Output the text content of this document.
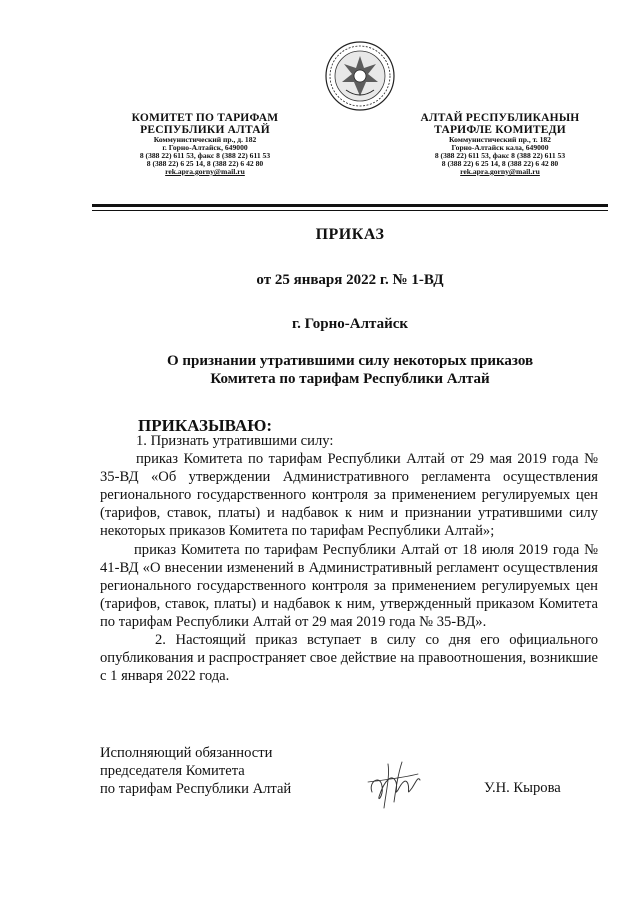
КОМИТЕТ ПО ТАРИФАМ
РЕСПУБЛИКИ АЛТАЙ
Коммунистический пр., д. 182
г. Горно-Алтайск, 649000
8 (388 22) 611 53, факс 8 (388 22) 611 53
8 (388 22) 6 25 14, 8 (388 22) 6 42 80
rek.apra.gorny@mail.ru
АЛТАЙ РЕСПУБЛИКАНЫН
ТАРИФЛЕ КОМИТЕДИ
Коммунистический пр., т. 182
Горно-Алтайск кала, 649000
8 (388 22) 611 53, факс 8 (388 22) 611 53
8 (388 22) 6 25 14, 8 (388 22) 6 42 80
rek.apra.gorny@mail.ru
ПРИКАЗ
от 25 января 2022 г. № 1-ВД
г. Горно-Алтайск
О признании утратившими силу некоторых приказов
Комитета по тарифам Республики Алтай
ПРИКАЗЫВАЮ:

1. Признать утратившими силу:

приказ Комитета по тарифам Республики Алтай от 29 мая 2019 года № 35-ВД «Об утверждении Административного регламента осуществления регионального государственного контроля за применением регулируемых цен (тарифов, ставок, платы) и надбавок к ним и признании утратившими силу некоторых приказов Комитета по тарифам Республики Алтай»;

приказ Комитета по тарифам Республики Алтай от 18 июля 2019 года № 41-ВД «О внесении изменений в Административный регламент осуществления регионального государственного контроля за применением регулируемых цен (тарифов, ставок, платы) и надбавок к ним, утвержденный приказом Комитета по тарифам Республики Алтай от 29 мая 2019 года № 35-ВД».

2. Настоящий приказ вступает в силу со дня его официального опубликования и распространяет свое действие на правоотношения, возникшие с 1 января 2022 года.

Исполняющий обязанности
председателя Комитета
по тарифам Республики Алтай	У.Н. Кырова
